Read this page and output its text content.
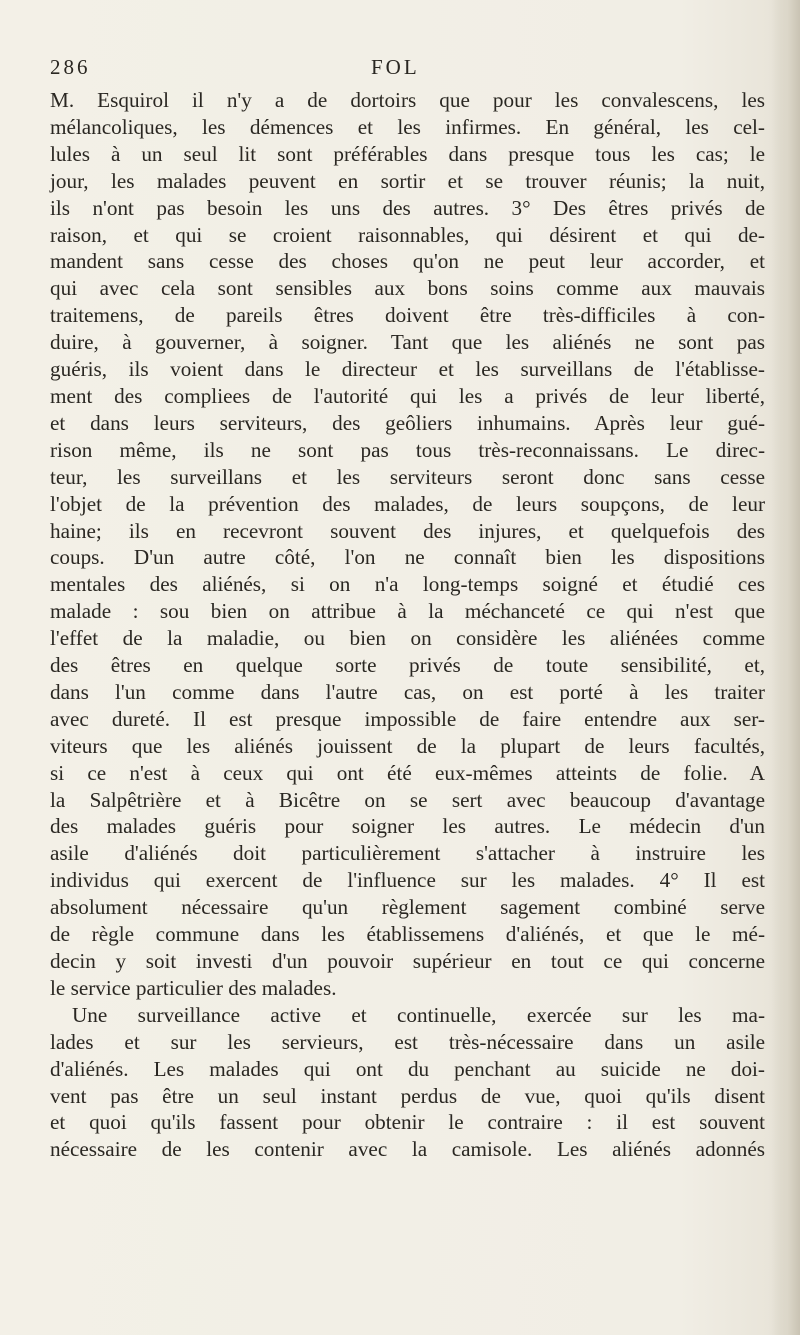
286	FOL
M. Esquirol il n'y a de dortoirs que pour les convalescens, les
mélancoliques, les démences et les infirmes. En général, les cel-
lules à un seul lit sont préférables dans presque tous les cas; le
jour, les malades peuvent en sortir et se trouver réunis; la nuit,
ils n'ont pas besoin les uns des autres. 3° Des êtres privés de
raison, et qui se croient raisonnables, qui désirent et qui de-
mandent sans cesse des choses qu'on ne peut leur accorder, et
qui avec cela sont sensibles aux bons soins comme aux mauvais
traitemens, de pareils êtres doivent être très-difficiles à con-
duire, à gouverner, à soigner. Tant que les aliénés ne sont pas
guéris, ils voient dans le directeur et les surveillans de l'établisse-
ment des compliees de l'autorité qui les a privés de leur liberté,
et dans leurs serviteurs, des geôliers inhumains. Après leur gué-
rison même, ils ne sont pas tous très-reconnaissans. Le direc-
teur, les surveillans et les serviteurs seront donc sans cesse
l'objet de la prévention des malades, de leurs soupçons, de leur
haine; ils en recevront souvent des injures, et quelquefois des
coups. D'un autre côté, l'on ne connaît bien les dispositions
mentales des aliénés, si on n'a long-temps soigné et étudié ces
malade : sou bien on attribue à la méchanceté ce qui n'est que
l'effet de la maladie, ou bien on considère les aliénées comme
des êtres en quelque sorte privés de toute sensibilité, et,
dans l'un comme dans l'autre cas, on est porté à les traiter
avec dureté. Il est presque impossible de faire entendre aux ser-
viteurs que les aliénés jouissent de la plupart de leurs facultés,
si ce n'est à ceux qui ont été eux-mêmes atteints de folie. A
la Salpêtrière et à Bicêtre on se sert avec beaucoup d'avantage
des malades guéris pour soigner les autres. Le médecin d'un
asile d'aliénés doit particulièrement s'attacher à instruire les
individus qui exercent de l'influence sur les malades. 4° Il est
absolument nécessaire qu'un règlement sagement combiné serve
de règle commune dans les établissemens d'aliénés, et que le mé-
decin y soit investi d'un pouvoir supérieur en tout ce qui concerne
le service particulier des malades.
Une surveillance active et continuelle, exercée sur les ma-
lades et sur les servieurs, est très-nécessaire dans un asile
d'aliénés. Les malades qui ont du penchant au suicide ne doi-
vent pas être un seul instant perdus de vue, quoi qu'ils disent
et quoi qu'ils fassent pour obtenir le contraire : il est souvent
nécessaire de les contenir avec la camisole. Les aliénés adonnés
